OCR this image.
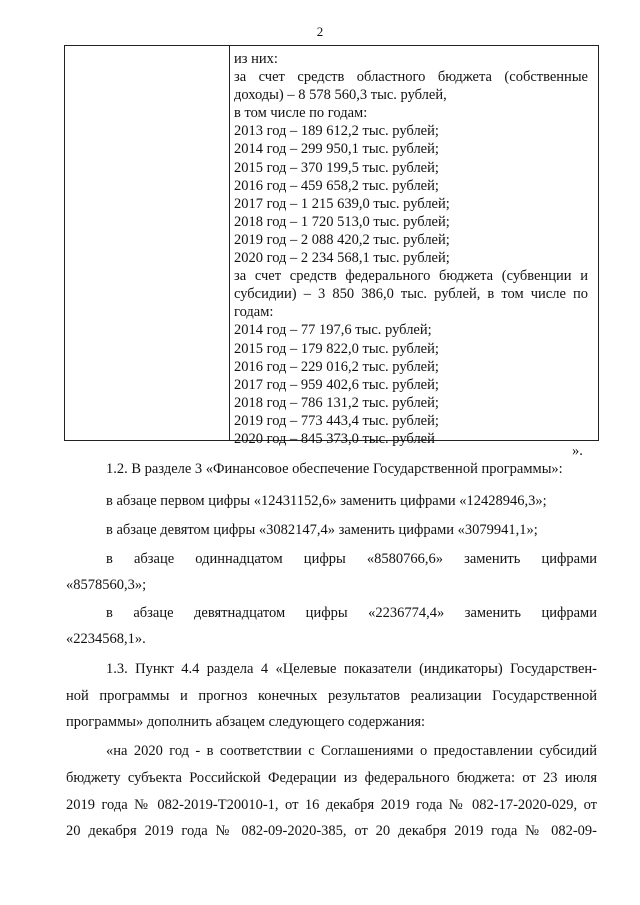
2
из них:
за счет средств областного бюджета (собственные
доходы) – 8 578 560,3 тыс. рублей,
в том числе по годам:
2013 год – 189 612,2 тыс. рублей;
2014 год – 299 950,1 тыс. рублей;
2015 год – 370 199,5 тыс. рублей;
2016 год – 459 658,2 тыс. рублей;
2017 год – 1 215 639,0 тыс. рублей;
2018 год – 1 720 513,0 тыс. рублей;
2019 год – 2 088 420,2 тыс. рублей;
2020 год – 2 234 568,1 тыс. рублей;
за счет средств федерального бюджета (субвенции и
субсидии) – 3 850 386,0 тыс. рублей, в том числе по
годам:
2014 год – 77 197,6 тыс. рублей;
2015 год – 179 822,0 тыс. рублей;
2016 год – 229 016,2 тыс. рублей;
2017 год – 959 402,6 тыс. рублей;
2018 год – 786 131,2 тыс. рублей;
2019 год – 773 443,4 тыс. рублей;
2020 год – 845 373,0 тыс. рублей
».
1.2. В разделе 3 «Финансовое обеспечение Государственной программы»:
в абзаце первом цифры «12431152,6» заменить цифрами «12428946,3»;
в абзаце девятом цифры «3082147,4» заменить цифрами «3079941,1»;
в абзаце одиннадцатом цифры «8580766,6» заменить цифрами
«8578560,3»;
в абзаце девятнадцатом цифры «2236774,4» заменить цифрами
«2234568,1».
1.3. Пункт 4.4 раздела 4 «Целевые показатели (индикаторы) Государствен-
ной программы и прогноз конечных результатов реализации Государственной
программы» дополнить абзацем следующего содержания:
«на 2020 год - в соответствии с Соглашениями о предоставлении субсидий
бюджету субъекта Российской Федерации из федерального бюджета: от 23 июля
2019 года № 082-2019-Т20010-1, от 16 декабря 2019 года № 082-17-2020-029, от
20 декабря 2019 года № 082-09-2020-385, от 20 декабря 2019 года № 082-09-
